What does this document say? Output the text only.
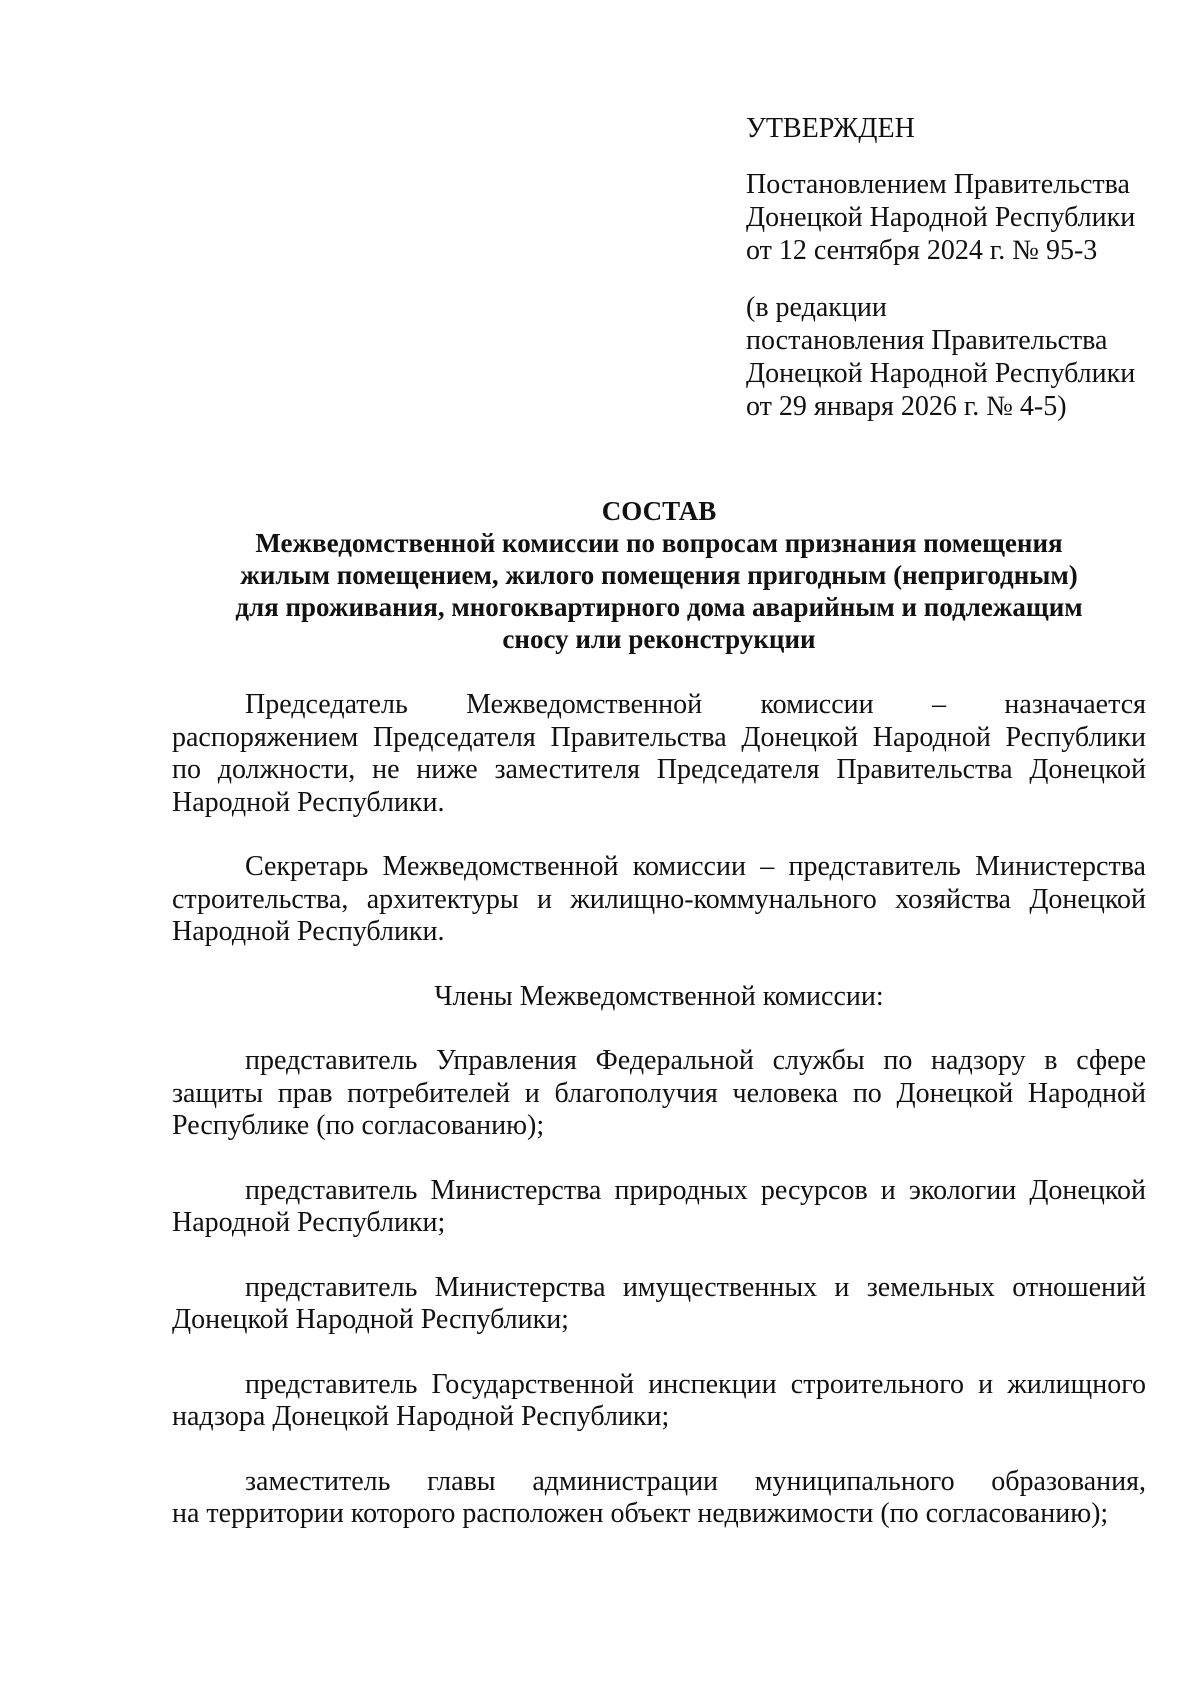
УТВЕРЖДЕН
Постановлением Правительства
Донецкой Народной Республики
от 12 сентября 2024 г. № 95-3
(в редакции
постановления Правительства
Донецкой Народной Республики
от 29 января 2026 г. № 4-5)
СОСТАВ
Межведомственной комиссии по вопросам признания помещения
жилым помещением, жилого помещения пригодным (непригодным)
для проживания, многоквартирного дома аварийным и подлежащим
сносу или реконструкции
Председатель Межведомственной комиссии – назначается
распоряжением Председателя Правительства Донецкой Народной Республики
по должности, не ниже заместителя Председателя Правительства Донецкой
Народной Республики.
Секретарь Межведомственной комиссии – представитель Министерства
строительства, архитектуры и жилищно-коммунального хозяйства Донецкой
Народной Республики.
Члены Межведомственной комиссии:
представитель Управления Федеральной службы по надзору в сфере
защиты прав потребителей и благополучия человека по Донецкой Народной
Республике (по согласованию);
представитель Министерства природных ресурсов и экологии Донецкой
Народной Республики;
представитель Министерства имущественных и земельных отношений
Донецкой Народной Республики;
представитель Государственной инспекции строительного и жилищного
надзора Донецкой Народной Республики;
заместитель главы администрации муниципального образования,
на территории которого расположен объект недвижимости (по согласованию);
